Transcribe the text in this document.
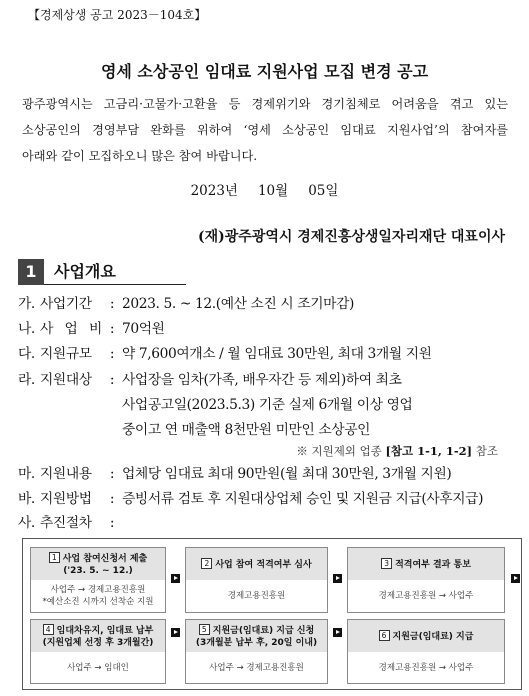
【경제상생 공고 2023－104호】
영세 소상공인 임대료 지원사업 모집 변경 공고
광주광역시는 고금리·고물가·고환율 등 경제위기와 경기침체로 어려움을 겪고 있는
소상공인의 경영부담 완화를 위하여 ‘영세 소상공인 임대료 지원사업’의 참여자를
아래와 같이 모집하오니 많은 참여 바랍니다.
2023년 10월 05일
(재)광주광역시 경제진흥상생일자리재단 대표이사
1	사업개요
가. 사업기간 : 2023. 5. ~ 12.(예산 소진 시 조기마감)
나. 사 업 비 : 70억원
다. 지원규모 : 약 7,600여개소 / 월 임대료 30만원, 최대 3개월 지원
라. 지원대상 : 사업장을 임차(가족, 배우자간 등 제외)하여 최초
사업공고일(2023.5.3) 기준 실제 6개월 이상 영업
중이고 연 매출액 8천만원 미만인 소상공인
※ 지원제외 업종 [참고 1-1, 1-2] 참조
마. 지원내용 : 업체당 임대료 최대 90만원(월 최대 30만원, 3개월 지원)
바. 지원방법 : 증빙서류 검토 후 지원대상업체 승인 및 지원금 지급(사후지급)
사. 추진절차 :
1 사업 참여신청서 제출
('23. 5. ~ 12.)
사업주 → 경제고용진흥원
*예산소진 시까지 선착순 지원
2 사업 참여 적격여부 심사
경제고용진흥원
3 적격여부 결과 통보
경제고용진흥원 → 사업주
4 임대차유지, 임대료 납부
(지원업체 선정 후 3개월간)
사업주 → 임대인
5 지원금(임대료) 지급 신청
(3개월분 납부 후, 20일 이내)
사업주 → 경제고용진흥원
6 지원금(임대료) 지급
경제고용진흥원 → 사업주
